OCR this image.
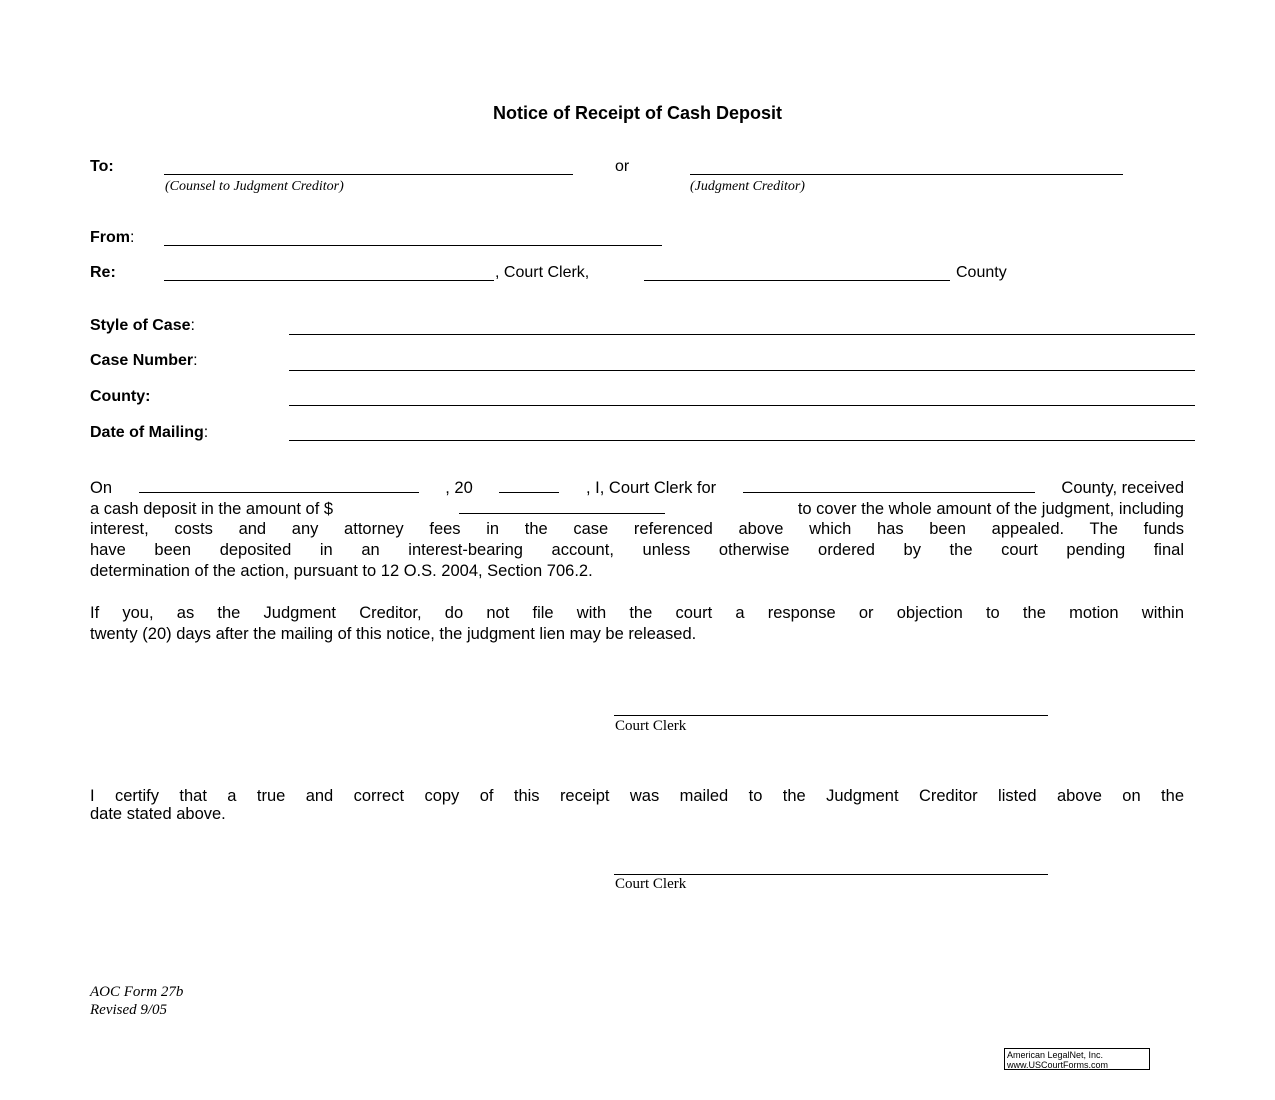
Notice of Receipt of Cash Deposit
To:
(Counsel to Judgment Creditor)
or
(Judgment Creditor)
From:
Re:	, Court Clerk,	County
Style of Case:
Case Number:
County:
Date of Mailing:
On	, 20	, I, Court Clerk for	County, received
a cash deposit in the amount of $	to cover the whole amount of the judgment, including
interest, costs and any attorney fees in the case referenced above which has been appealed. The funds
have been deposited in an interest-bearing account, unless otherwise ordered by the court pending final
determination of the action, pursuant to 12 O.S. 2004, Section 706.2.
If you, as the Judgment Creditor, do not file with the court a response or objection to the motion within
twenty (20) days after the mailing of this notice, the judgment lien may be released.
Court Clerk
I certify that a true and correct copy of this receipt was mailed to the Judgment Creditor listed above on the
date stated above.
Court Clerk
AOC Form 27b
Revised 9/05
American LegalNet, Inc.
www.USCourtForms.com
